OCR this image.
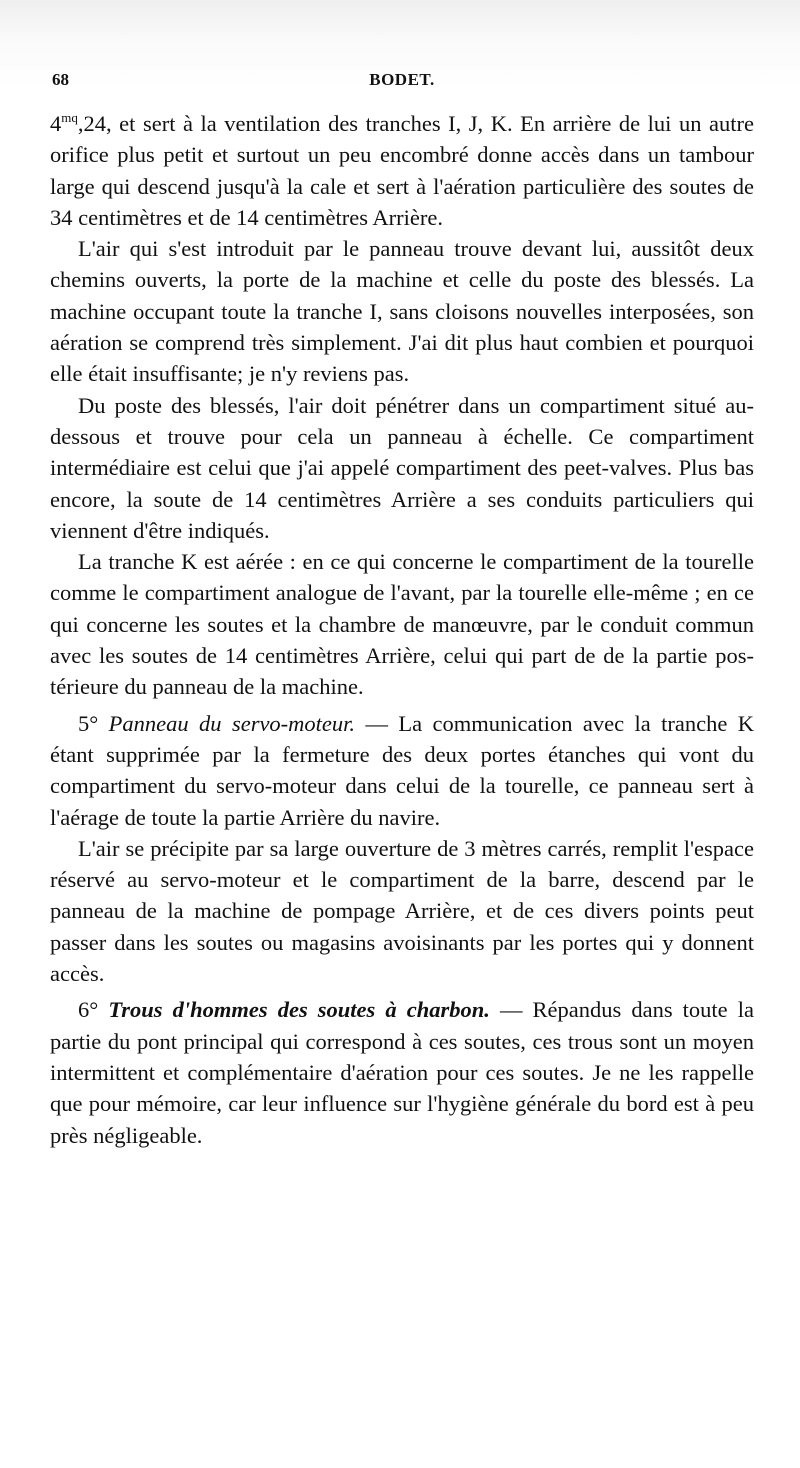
68	BODET.

$4^{mq},24$, et sert à la ventilation des tranches I, J, K. En arrière de lui un autre orifice plus petit et surtout un peu encombré donne accès dans un tambour large qui descend jusqu'à la cale et sert à l'aération particulière des soutes de 34 centimètres et de 14 centimètres Arrière.

L'air qui s'est introduit par le panneau trouve devant lui, aussitôt deux chemins ouverts, la porte de la machine et celle du poste des blessés. La machine occupant toute la tranche I, sans cloisons nouvelles interposées, son aération se comprend très simplement. J'ai dit plus haut combien et pourquoi elle était insuffisante; je n'y reviens pas.

Du poste des blessés, l'air doit pénétrer dans un compartiment situé au-dessous et trouve pour cela un panneau à échelle. Ce compartiment intermédiaire est celui que j'ai appelé compartiment des peet-valves. Plus bas encore, la soute de 14 centimètres Arrière a ses conduits particuliers qui viennent d'être indiqués.

La tranche K est aérée : en ce qui concerne le compartiment de la tourelle comme le compartiment analogue de l'avant, par la tourelle elle-même ; en ce qui concerne les soutes et la chambre de manœuvre, par le conduit commun avec les soutes de 14 centimètres Arrière, celui qui part de de la partie postérieure du panneau de la machine.

5° Panneau du servo-moteur. — La communication avec la tranche K étant supprimée par la fermeture des deux portes étanches qui vont du compartiment du servo-moteur dans celui de la tourelle, ce panneau sert à l'aérage de toute la partie Arrière du navire.

L'air se précipite par sa large ouverture de 3 mètres carrés, remplit l'espace réservé au servo-moteur et le compartiment de la barre, descend par le panneau de la machine de pompage Arrière, et de ces divers points peut passer dans les soutes ou magasins avoisinants par les portes qui y donnent accès.

6° Trous d'hommes des soutes à charbon. — Répandus dans toute la partie du pont principal qui correspond à ces soutes, ces trous sont un moyen intermittent et complémentaire d'aération pour ces soutes. Je ne les rappelle que pour mémoire, car leur influence sur l'hygiène générale du bord est à peu près négligeable.
